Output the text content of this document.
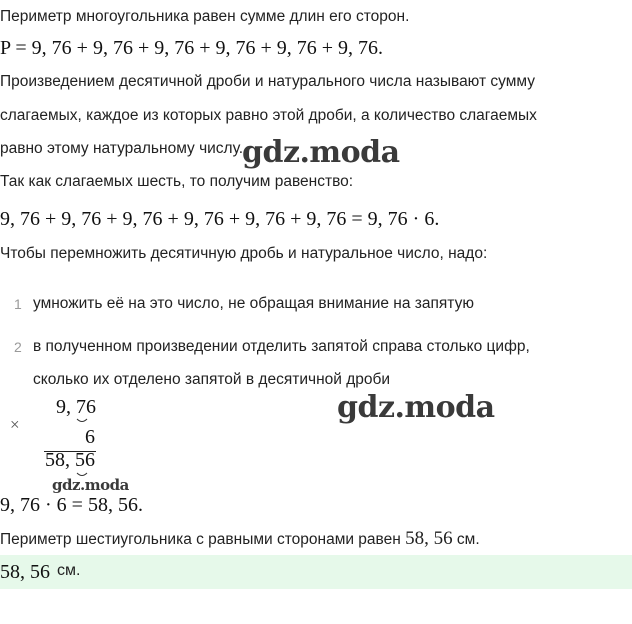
Периметр многоугольника равен сумме длин его сторон.
P = 9, 76 + 9, 76 + 9, 76 + 9, 76 + 9, 76 + 9, 76.
Произведением десятичной дроби и натурального числа называют сумму
слагаемых, каждое из которых равно этой дроби, а количество слагаемых
равно этому натуральному числу.
gdz.moda
Так как слагаемых шесть, то получим равенство:
9, 76 + 9, 76 + 9, 76 + 9, 76 + 9, 76 + 9, 76 = 9, 76 · 6.
Чтобы перемножить десятичную дробь и натуральное число, надо:
1 умножить её на это число, не обращая внимание на запятую
2 в полученном произведении отделить запятой справа столько цифр,
сколько их отделено запятой в десятичной дроби
×
9, 76
6
58, 56
gdz.moda
gdz.moda
9, 76 · 6 = 58, 56.
Периметр шестиугольника с равными сторонами равен 58, 56 см.
58, 56 см.
